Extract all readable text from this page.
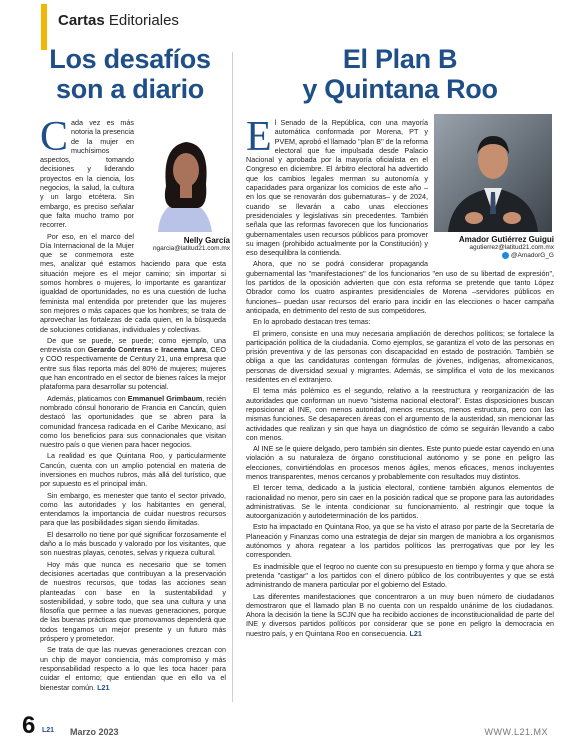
Cartas Editoriales
Los desafíos
son a diario
El Plan B
y Quintana Roo
Nelly García
ngarcia@latitud21.com.mx

Cada vez es más notoria la presencia de la mujer en muchísimos aspectos, tomando decisiones y liderando proyectos en la ciencia, los negocios, la salud, la cultura y un largo etcétera. Sin embargo, es preciso señalar que falta mucho tramo por recorrer.

Por eso, en el marco del Día Internacional de la Mujer que se conmemora este mes, analizar qué estamos haciendo para que esta situación mejore es el mejor camino; sin importar si somos hombres o mujeres, lo importante es garantizar igualdad de oportunidades, no es una cuestión de lucha feminista mal entendida por pretender que las mujeres son mejores o más capaces que los hombres; se trata de aprovechar las fortalezas de cada quien, en la búsqueda de soluciones cotidianas, individuales y colectivas.

De que se puede, se puede; como ejemplo, una entrevista con Gerardo Contreras e Iracema Lara, CEO y COO respectivamente de Century 21, una empresa que entre sus filas reporta más del 80% de mujeres; mujeres que han encontrado en el sector de bienes raíces la mejor plataforma para desarrollar su potencial.

Además, platicamos con Emmanuel Grimbaum, recién nombrado cónsul honorario de Francia en Cancún, quien destacó las oportunidades que se abren para la comunidad francesa radicada en el Caribe Mexicano, así como los beneficios para sus connacionales que visitan nuestro país o que vienen para hacer negocios.

La realidad es que Quintana Roo, y particularmente Cancún, cuenta con un amplio potencial en materia de inversiones en muchos rubros, más allá del turístico, que por supuesto es el principal imán.

Sin embargo, es menester que tanto el sector privado, como las autoridades y los habitantes en general, entendamos la importancia de cuidar nuestros recursos para que las posibilidades sigan siendo ilimitadas.

El desarrollo no tiene por qué significar forzosamente el daño a lo más buscado y valorado por los visitantes, que son nuestras playas, cenotes, selvas y riqueza cultural.

Hoy más que nunca es necesario que se tomen decisiones acertadas que contribuyan a la preservación de nuestros recursos, que todas las acciones sean planteadas con base en la sustentabilidad y sostenibilidad, y sobre todo, que sea una cultura y una filosofía que permee a las nuevas generaciones, porque de las buenas prácticas que promovamos dependerá que todos tengamos un mejor presente y un futuro más próspero y prometedor.

Se trata de que las nuevas generaciones crezcan con un chip de mayor conciencia, más compromiso y más responsabilidad respecto a lo que les toca hacer para cuidar el entorno; que entiendan que en ello va el bienestar común. L21

Amador Gutiérrez Guigui
agutierrez@latitud21.com.mx
@AmadorG_G

El Senado de la República, con una mayoría automática conformada por Morena, PT y PVEM, aprobó el llamado "plan B" de la reforma electoral que fue impulsada desde Palacio Nacional y aprobada por la mayoría oficialista en el Congreso en diciembre. El árbitro electoral ha advertido que los cambios legales merman su autonomía y capacidades para organizar los comicios de este año –en los que se renovarán dos gubernaturas– y de 2024, cuando se llevarán a cabo unas elecciones presidenciales y legislativas sin precedentes. También señala que las reformas favorecen que los funcionarios gubernamentales usen recursos públicos para promover su imagen (prohibido actualmente por la Constitución) y eso desequilibra la contienda.

Ahora, que no se podrá considerar propaganda gubernamental las "manifestaciones" de los funcionarios "en uso de su libertad de expresión", los partidos de la oposición advierten que con esta reforma se pretende que tanto López Obrador como los cuatro aspirantes presidenciales de Morena –servidores públicos en funciones– puedan usar recursos del erario para incidir en las elecciones o hacer campaña anticipada, en detrimento del resto de sus competidores.

En lo aprobado destacan tres temas:

El primero, consiste en una muy necesaria ampliación de derechos políticos; se fortalece la participación política de la ciudadanía. Como ejemplos, se garantiza el voto de las personas en prisión preventiva y de las personas con discapacidad en estado de postración. También se obliga a que las candidaturas contengan fórmulas de jóvenes, indígenas, afromexicanos, personas de diversidad sexual y migrantes. Además, se simplifica el voto de los mexicanos residentes en el extranjero.

El tema más polémico es el segundo, relativo a la reestructura y reorganización de las autoridades que conforman un nuevo "sistema nacional electoral". Estas disposiciones buscan reposicionar al INE, con menos autoridad, menos recursos, menos estructura, pero con las mismas funciones. Se desaparecen áreas con el argumento de la austeridad, sin mencionar las actividades que realizan y sin que haya un diagnóstico de cómo se seguirán llevando a cabo con menos.

Al INE se le quiere delgado, pero también sin dientes. Este punto puede estar cayendo en una violación a su naturaleza de órgano constitucional autónomo y se pone en peligro las elecciones, convirtiéndolas en procesos menos ágiles, menos eficaces, menos incluyentes menos transparentes, menos cercanos y probablemente con resultados muy distintos.

El tercer tema, dedicado a la justicia electoral, contiene también algunos elementos de racionalidad no menor, pero sin caer en la posición radical que se propone para las autoridades administrativas. Se le intenta condicionar su funcionamiento. al restringir que toque la autoorganización y autodeterminación de los partidos.

Esto ha impactado en Quintana Roo, ya que se ha visto el atraso por parte de la Secretaría de Planeación y Finanzas como una estrategia de dejar sin margen de maniobra a los organismos autónomos y ahora regatear a los partidos políticos las prerrogativas que por ley les corresponden.

Es inadmisible que el Ieqroo no cuente con su presupuesto en tiempo y forma y que ahora se pretenda "castigar" a los partidos con el dinero público de los contribuyentes y que se está administrando de manera particular por el gobierno del Estado.

Las diferentes manifestaciones que concentraron a un muy buen número de ciudadanos demostraron que el llamado plan B no cuenta con un respaldo unánime de los ciudadanos. Ahora la decisión la tiene la SCJN que ha recibido acciones de inconstitucionalidad de parte del INE y diversos partidos políticos por considerar que se pone en peligro la democracia en nuestro país, y en Quintana Roo en consecuencia. L21

6 L21 Marzo 2023	WWW.L21.MX
